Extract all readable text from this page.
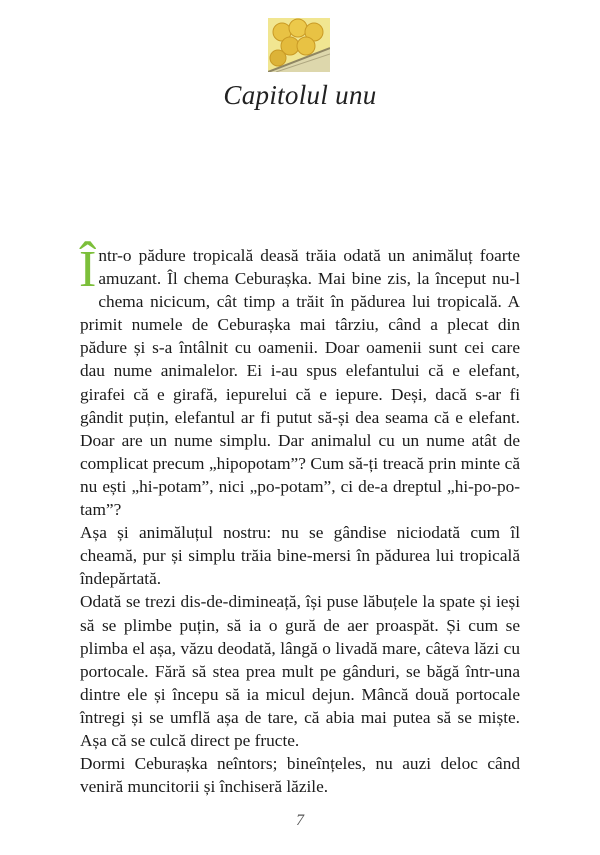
Capitolul unu

Într-o pădure tropicală deasă trăia odată un animăluț foarte amuzant. Îl chema Ceburașka. Mai bine zis, la început nu-l chema nicicum, cât timp a trăit în pădurea lui tropicală. A primit numele de Ceburașka mai târziu, când a plecat din pădure și s-a întâlnit cu oamenii. Doar oamenii sunt cei care dau nume animalelor. Ei i-au spus elefantului că e elefant, girafei că e girafă, iepurelui că e iepure. Deși, dacă s-ar fi gândit puțin, elefantul ar fi putut să-și dea seama că e elefant. Doar are un nume simplu. Dar animalul cu un nume atât de complicat precum „hipopotam”? Cum să-ți treacă prin minte că nu ești „hi-potam”, nici „po-potam”, ci de-a dreptul „hi-po-po-tam”?

Așa și animăluțul nostru: nu se gândise niciodată cum îl cheamă, pur și simplu trăia bine-mersi în pădurea lui tropicală îndepărtată.

Odată se trezi dis-de-dimineață, își puse lăbuțele la spate și ieși să se plimbe puțin, să ia o gură de aer proaspăt. Și cum se plimba el așa, văzu deodată, lângă o livadă mare, câteva lăzi cu portocale. Fără să stea prea mult pe gânduri, se băgă într-una dintre ele și începu să ia micul dejun. Mâncă două portocale întregi și se umflă așa de tare, că abia mai putea să se miște. Așa că se culcă direct pe fructe.

Dormi Ceburașka neîntors; bineînțeles, nu auzi deloc când veniră muncitorii și închiseră lăzile.

7
